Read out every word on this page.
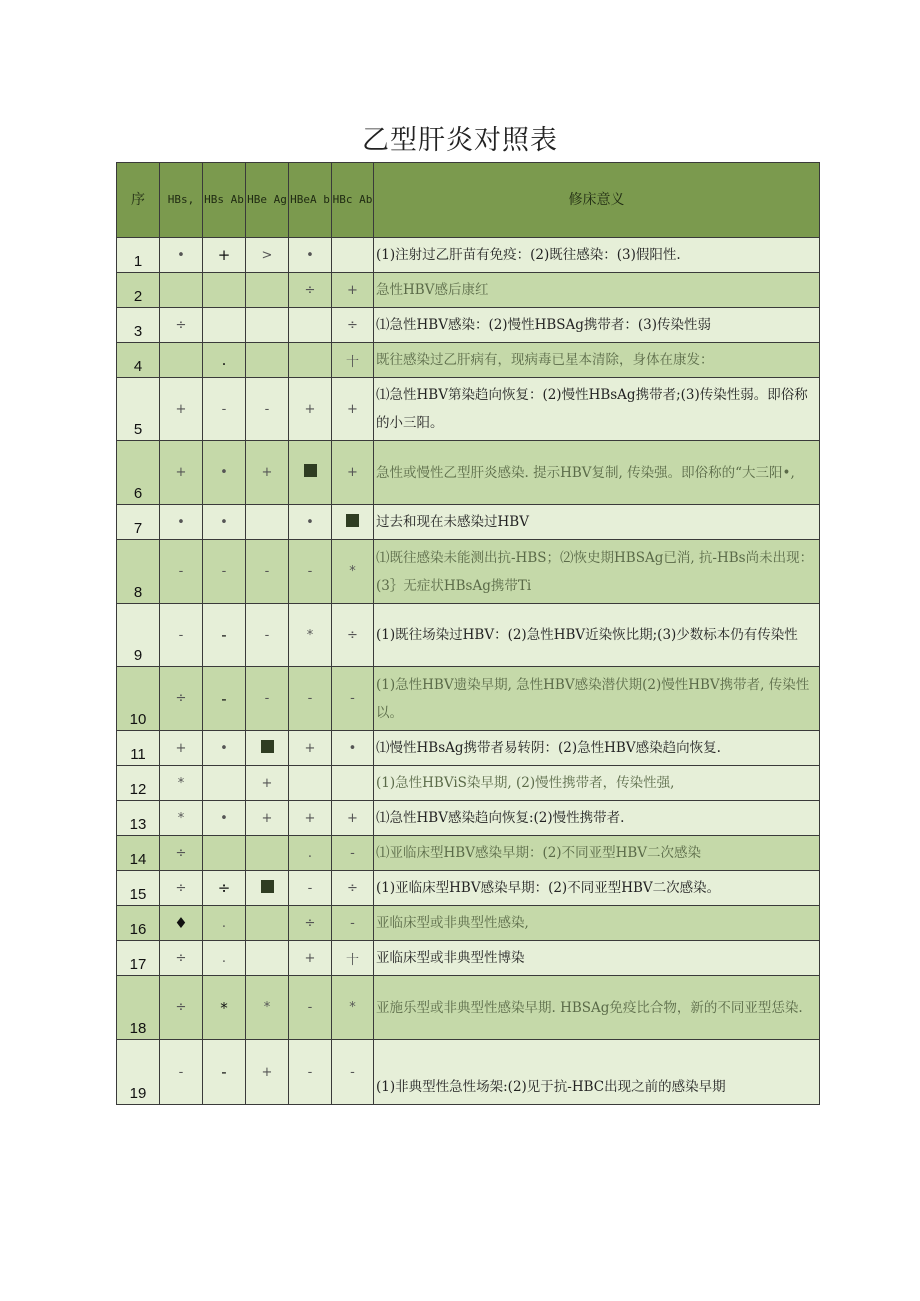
乙型肝炎对照表
序	HBs,	HBs Ab	HBe Ag	HBeA b	HBc Ab	修床意义
1	•	+	>	•		(1)注射过乙肝苗有免疫：(2)既往感染：(3)假阳性.
2				÷	+	急性HBV感后康红
3	÷				÷	⑴急性HBV感染：(2)慢性HBSAg携带者：(3)传染性弱
4		.			十	既往感染过乙肝病有，现病毒已星本清除，身体在康发：
5	+	-	-	+	+	⑴急性HBV第染趋向恢复：(2)慢性HBsAg携带者;(3)传染性弱。即俗称的小三阳。
6	+	•	+		+	急性或慢性乙型肝炎感染. 提示HBV复制, 传染强。即俗称的“大三阳•,
7	•	•		•		过去和现在未感染过HBV
8	-	-	-	-	*	⑴既往感染未能测出抗-HBS；⑵恢史期HBSAg已消, 抗-HBs尚未出现：(3｝无症状HBsAg携带Ti
9	-	-	-	*	÷	(1)既往场染过HBV：(2)急性HBV近染恢比期;(3)少数标本仍有传染性
10	÷	-	-	-	-	(1)急性HBV遗染早期, 急性HBV感染潜伏期(2)慢性HBV携带者, 传染性以。
11	+	•		+	•	⑴慢性HBsAg携带者易转阴：(2)急性HBV感染趋向恢复.
12	*		+			(1)急性HBViS染早期, (2)慢性携带者，传染性强,
13	*	•	+	+	+	⑴急性HBV感染趋向恢复:(2)慢性携带者.
14	÷			.	-	⑴亚临床型HBV感染早期：(2)不同亚型HBV二次感染
15	÷	÷		-	÷	(1)亚临床型HBV感染早期：(2)不同亚型HBV二次感染。
16	♦	.		÷	-	亚临床型或非典型性感染,
17	÷	.		+	十	亚临床型或非典型性博染
18	÷	*	*	-	*	亚施乐型或非典型性感染早期. HBSAg免疫比合物，新的不同亚型恁染.
19	-	-	+	-	-	(1)非典型性急性场架:(2)见于抗-HBC出现之前的感染早期
